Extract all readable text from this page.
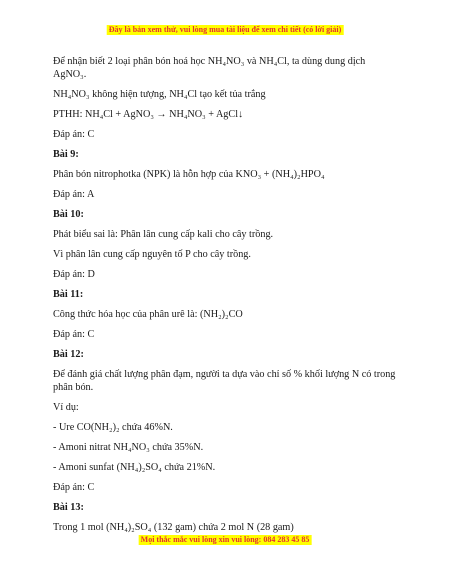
Đây là bản xem thử, vui lòng mua tài liệu để xem chi tiết (có lời giải)

Để nhận biết 2 loại phân bón hoá học NH₄NO₃ và NH₄Cl, ta dùng dung dịch AgNO₃.

NH₄NO₃ không hiện tượng, NH₄Cl tạo kết tủa trắng

PTHH: NH₄Cl + AgNO₃ → NH₄NO₃ + AgCl↓

Đáp án: C

Bài 9:

Phân bón nitrophotka (NPK) là hỗn hợp của KNO₃ + (NH₄)₂HPO₄

Đáp án: A

Bài 10:

Phát biểu sai là: Phân lân cung cấp kali cho cây trồng.

Vì phân lân cung cấp nguyên tố P cho cây trồng.

Đáp án: D

Bài 11:

Công thức hóa học của phân urê là: (NH₂)₂CO

Đáp án: C

Bài 12:

Để đánh giá chất lượng phân đạm, người ta dựa vào chỉ số % khối lượng N có trong phân bón.

Ví dụ:

- Ure CO(NH₂)₂ chứa 46%N.

- Amoni nitrat NH₄NO₃ chứa 35%N.

- Amoni sunfat (NH₄)₂SO₄ chứa 21%N.

Đáp án: C

Bài 13:

Trong 1 mol (NH₄)₂SO₄ (132 gam) chứa 2 mol N (28 gam)

Mọi thắc mắc vui lòng xin vui lòng: 084 283 45 85
